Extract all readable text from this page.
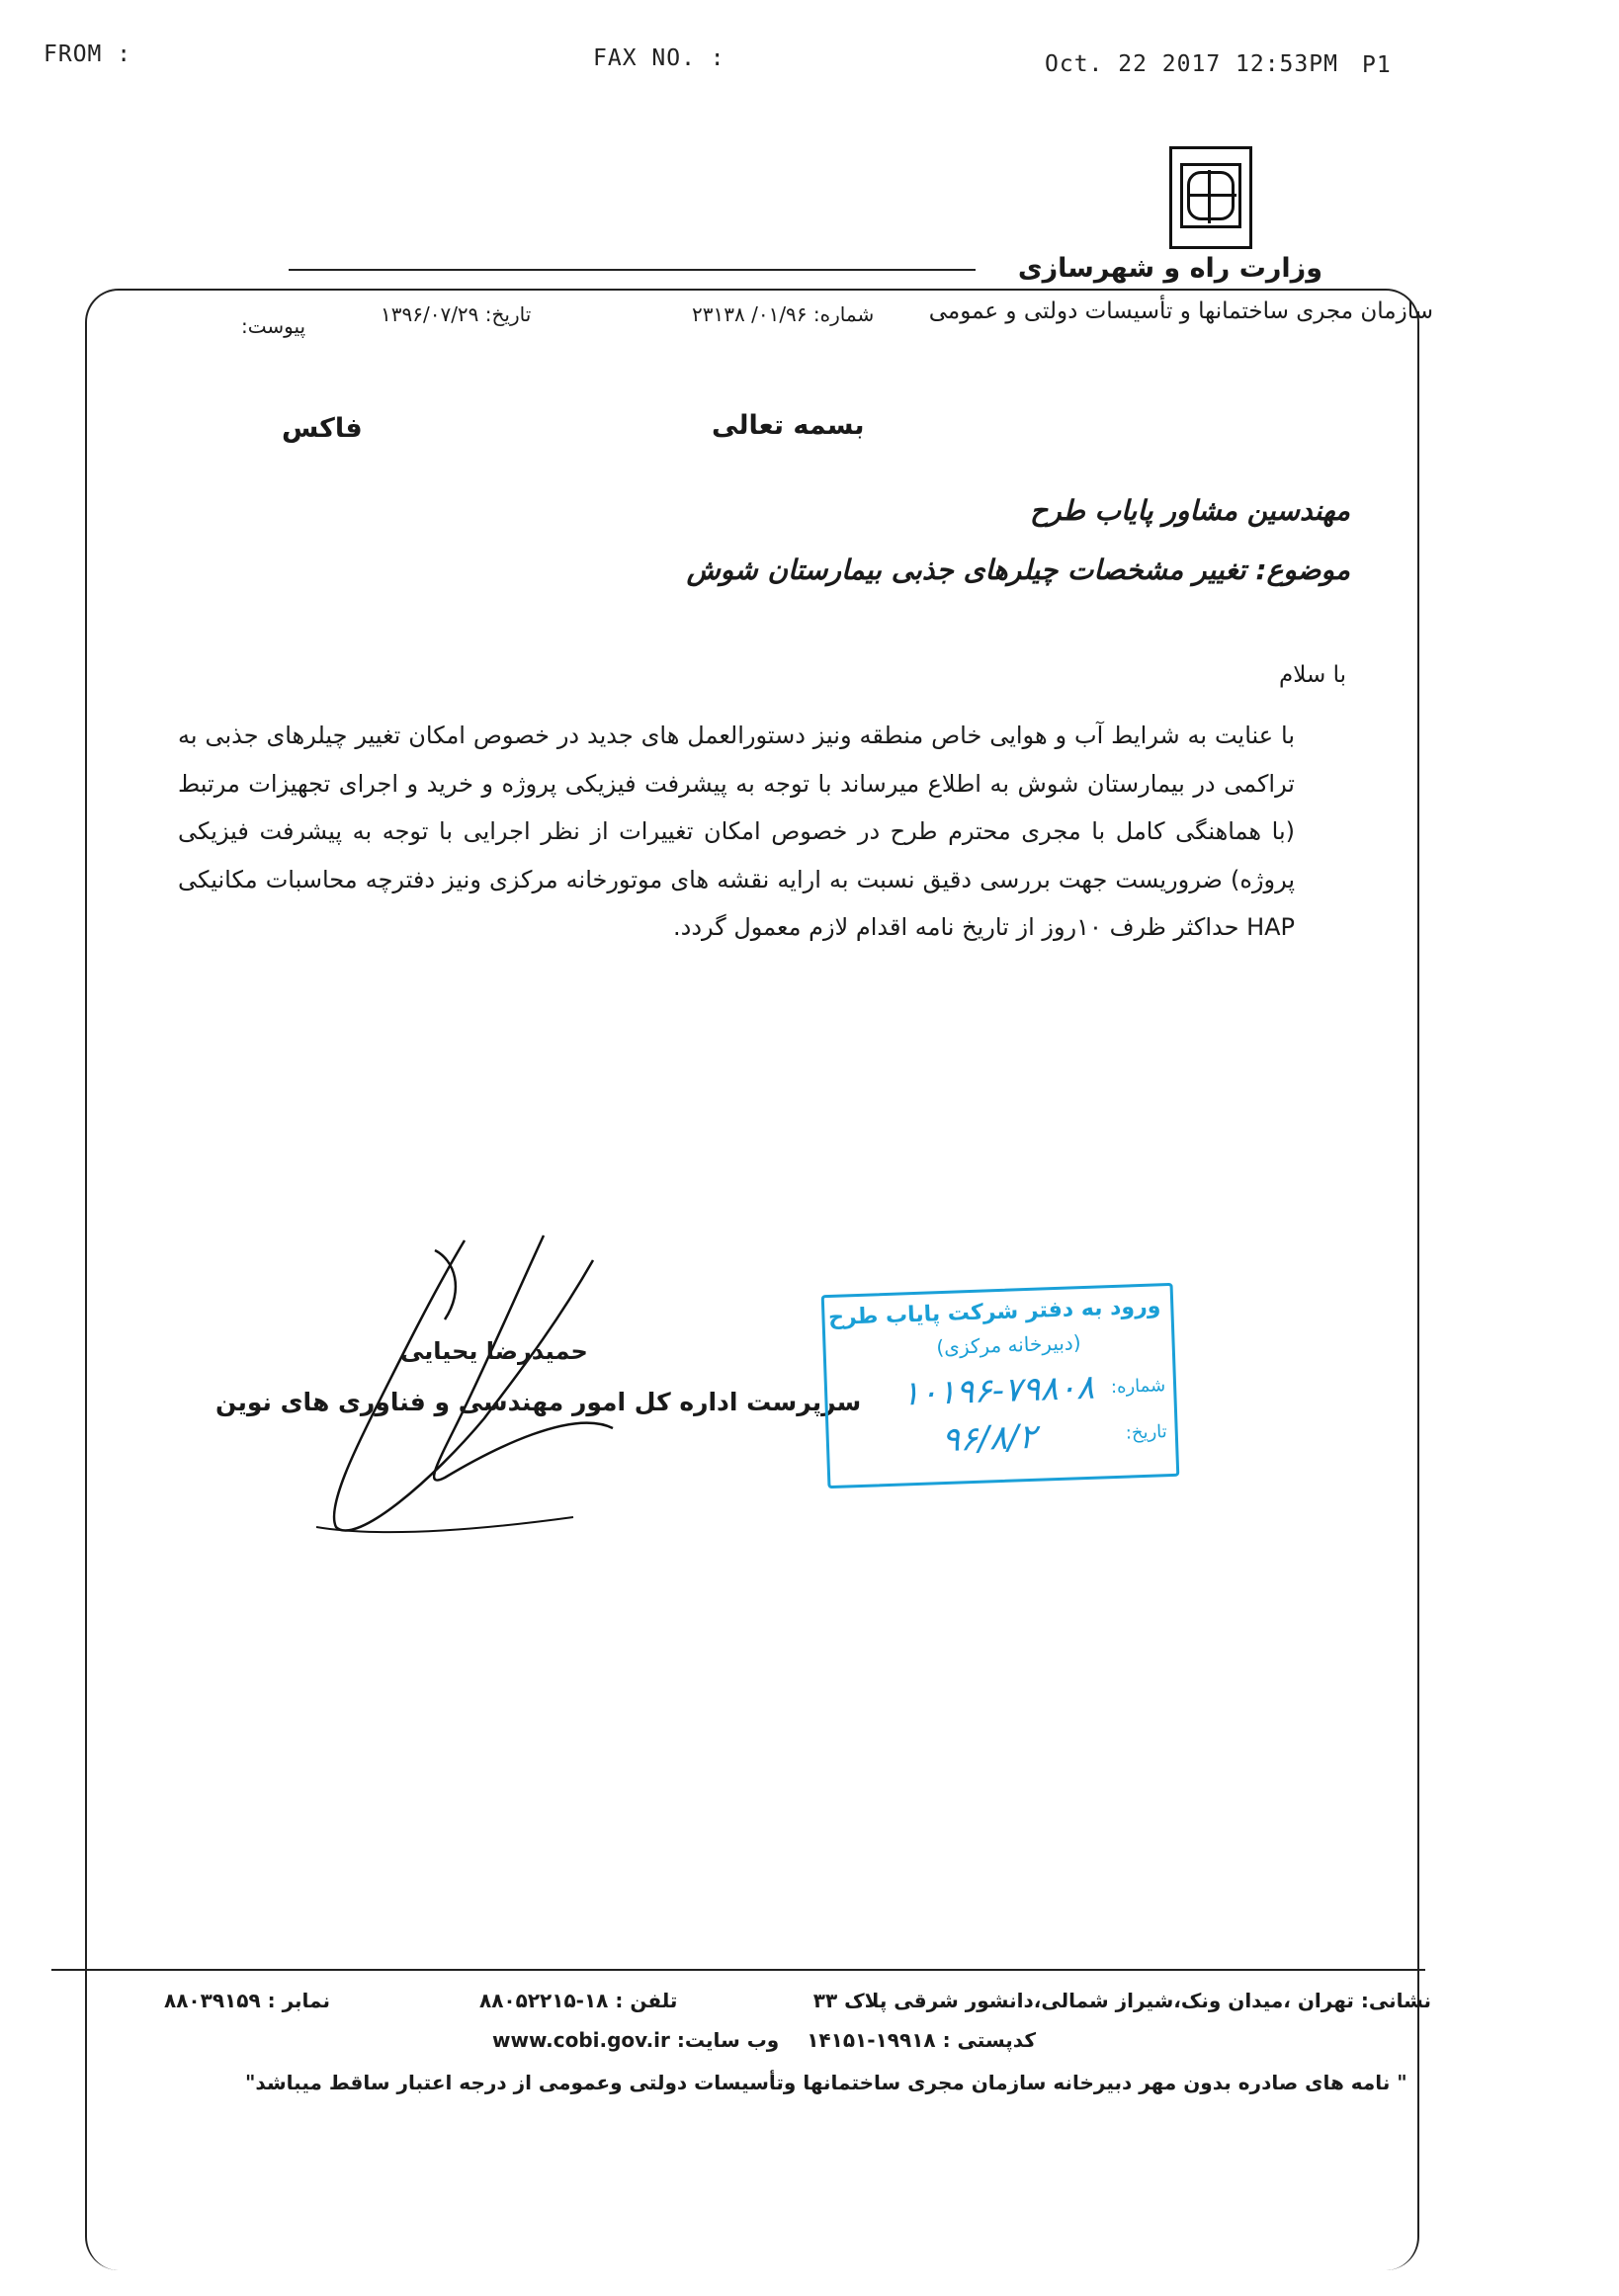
FROM :	FAX NO. :	Oct. 22 2017 12:53PM P1
وزارت راه و شهرسازی
سازمان مجری ساختمانها و تأسیسات دولتی و عمومی
شماره: ۰۱/۹۶/ ۲۳۱۳۸
تاریخ: ۱۳۹۶/۰۷/۲۹
پیوست:
بسمه تعالی
فاکس
مهندسین مشاور پایاب طرح
موضوع: تغییر مشخصات چیلرهای جذبی بیمارستان شوش
با سلام
با عنایت به شرایط آب و هوایی خاص منطقه ونیز دستورالعمل های جدید در خصوص امکان تغییر چیلرهای جذبی به تراکمی در بیمارستان شوش به اطلاع میرساند با توجه به پیشرفت فیزیکی پروژه و خرید و اجرای تجهیزات مرتبط (با هماهنگی کامل با مجری محترم طرح در خصوص امکان تغییرات از نظر اجرایی با توجه به پیشرفت فیزیکی پروژه) ضروریست جهت بررسی دقیق نسبت به ارایه نقشه های موتورخانه مرکزی ونیز دفترچه محاسبات مکانیکی HAP حداکثر ظرف ۱۰روز از تاریخ نامه اقدام لازم معمول گردد.
حمیدرضا یحیایی
سرپرست اداره کل امور مهندسی و فناوری های نوین
ورود به دفتر شرکت پایاب طرح
(دبیرخانه مرکزی)
شماره:
۱۰۱۹۶-۷۹۸۰۸
تاریخ:
۹۶/۸/۲
نشانی: تهران ،میدان ونک،شیراز شمالی،دانشور شرقی پلاک ۳۳
تلفن : ۱۸-۸۸۰۵۲۲۱۵
نمابر : ۸۸۰۳۹۱۵۹
کدپستی : ۱۹۹۱۸-۱۴۱۵۱
www.cobi.gov.ir وب سایت:
" نامه های صادره بدون مهر دبیرخانه سازمان مجری ساختمانها وتأسیسات دولتی وعمومی از درجه اعتبار ساقط میباشد"
